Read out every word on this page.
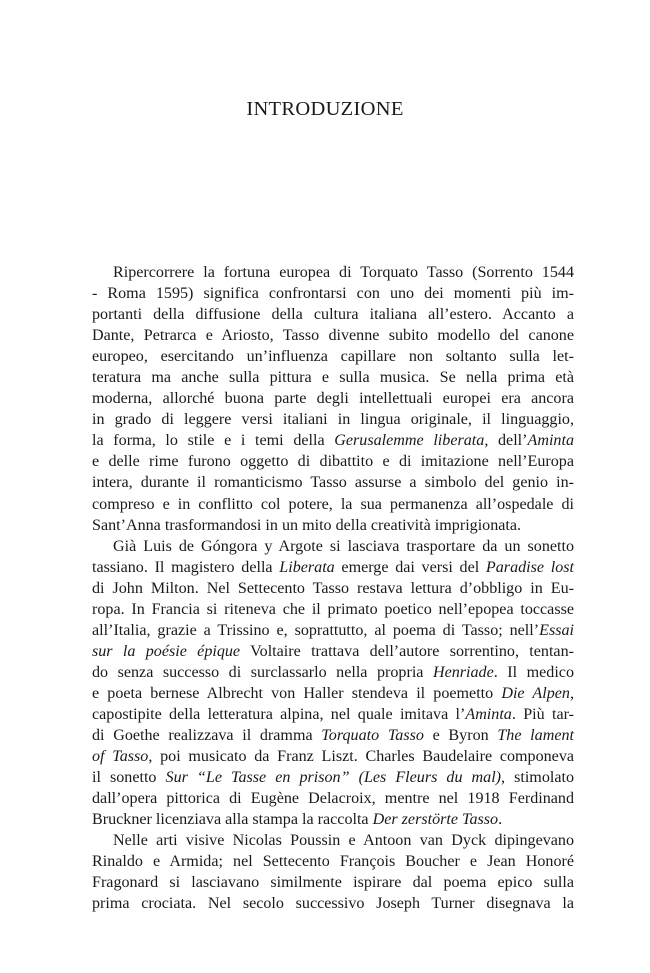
INTRODUZIONE
Ripercorrere la fortuna europea di Torquato Tasso (Sorrento 1544
- Roma 1595) significa confrontarsi con uno dei momenti più im-
portanti della diffusione della cultura italiana all’estero. Accanto a
Dante, Petrarca e Ariosto, Tasso divenne subito modello del canone
europeo, esercitando un’influenza capillare non soltanto sulla let-
teratura ma anche sulla pittura e sulla musica. Se nella prima età
moderna, allorché buona parte degli intellettuali europei era ancora
in grado di leggere versi italiani in lingua originale, il linguaggio,
la forma, lo stile e i temi della Gerusalemme liberata, dell’Aminta
e delle rime furono oggetto di dibattito e di imitazione nell’Europa
intera, durante il romanticismo Tasso assurse a simbolo del genio in-
compreso e in conflitto col potere, la sua permanenza all’ospedale di
Sant’Anna trasformandosi in un mito della creatività imprigionata.
Già Luis de Góngora y Argote si lasciava trasportare da un sonetto
tassiano. Il magistero della Liberata emerge dai versi del Paradise lost
di John Milton. Nel Settecento Tasso restava lettura d’obbligo in Eu-
ropa. In Francia si riteneva che il primato poetico nell’epopea toccasse
all’Italia, grazie a Trissino e, soprattutto, al poema di Tasso; nell’Essai
sur la poésie épique Voltaire trattava dell’autore sorrentino, tentan-
do senza successo di surclassarlo nella propria Henriade. Il medico
e poeta bernese Albrecht von Haller stendeva il poemetto Die Alpen,
capostipite della letteratura alpina, nel quale imitava l’Aminta. Più tar-
di Goethe realizzava il dramma Torquato Tasso e Byron The lament
of Tasso, poi musicato da Franz Liszt. Charles Baudelaire componeva
il sonetto Sur “Le Tasse en prison” (Les Fleurs du mal), stimolato
dall’opera pittorica di Eugène Delacroix, mentre nel 1918 Ferdinand
Bruckner licenziava alla stampa la raccolta Der zerstörte Tasso.
Nelle arti visive Nicolas Poussin e Antoon van Dyck dipingevano
Rinaldo e Armida; nel Settecento François Boucher e Jean Honoré
Fragonard si lasciavano similmente ispirare dal poema epico sulla
prima crociata. Nel secolo successivo Joseph Turner disegnava la
